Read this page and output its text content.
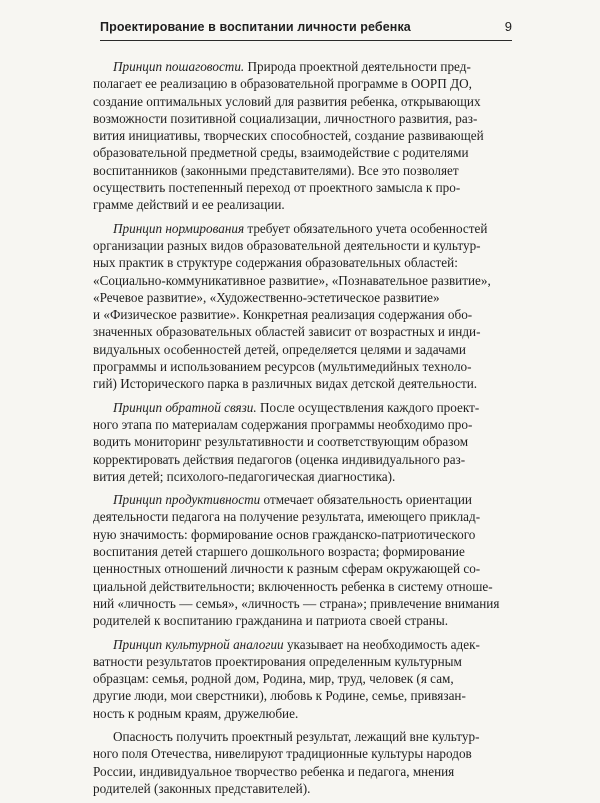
Проектирование в воспитании личности ребенка	9
Принцип пошаговости. Природа проектной деятельности пред-
полагает ее реализацию в образовательной программе в ООРП ДО,
создание оптимальных условий для развития ребенка, открывающих
возможности позитивной социализации, личностного развития, раз-
вития инициативы, творческих способностей, создание развивающей
образовательной предметной среды, взаимодействие с родителями
воспитанников (законными представителями). Все это позволяет
осуществить постепенный переход от проектного замысла к про-
грамме действий и ее реализации.
Принцип нормирования требует обязательного учета особенностей
организации разных видов образовательной деятельности и культур-
ных практик в структуре содержания образовательных областей:
«Социально-коммуникативное развитие», «Познавательное развитие»,
«Речевое развитие», «Художественно-эстетическое развитие»
и «Физическое развитие». Конкретная реализация содержания обо-
значенных образовательных областей зависит от возрастных и инди-
видуальных особенностей детей, определяется целями и задачами
программы и использованием ресурсов (мультимедийных техноло-
гий) Исторического парка в различных видах детской деятельности.
Принцип обратной связи. После осуществления каждого проект-
ного этапа по материалам содержания программы необходимо про-
водить мониторинг результативности и соответствующим образом
корректировать действия педагогов (оценка индивидуального раз-
вития детей; психолого-педагогическая диагностика).
Принцип продуктивности отмечает обязательность ориентации
деятельности педагога на получение результата, имеющего приклад-
ную значимость: формирование основ гражданско-патриотического
воспитания детей старшего дошкольного возраста; формирование
ценностных отношений личности к разным сферам окружающей со-
циальной действительности; включенность ребенка в систему отноше-
ний «личность — семья», «личность — страна»; привлечение внимания
родителей к воспитанию гражданина и патриота своей страны.
Принцип культурной аналогии указывает на необходимость адек-
ватности результатов проектирования определенным культурным
образцам: семья, родной дом, Родина, мир, труд, человек (я сам,
другие люди, мои сверстники), любовь к Родине, семье, привязан-
ность к родным краям, дружелюбие.
Опасность получить проектный результат, лежащий вне культур-
ного поля Отечества, нивелируют традиционные культуры народов
России, индивидуальное творчество ребенка и педагога, мнения
родителей (законных представителей).
